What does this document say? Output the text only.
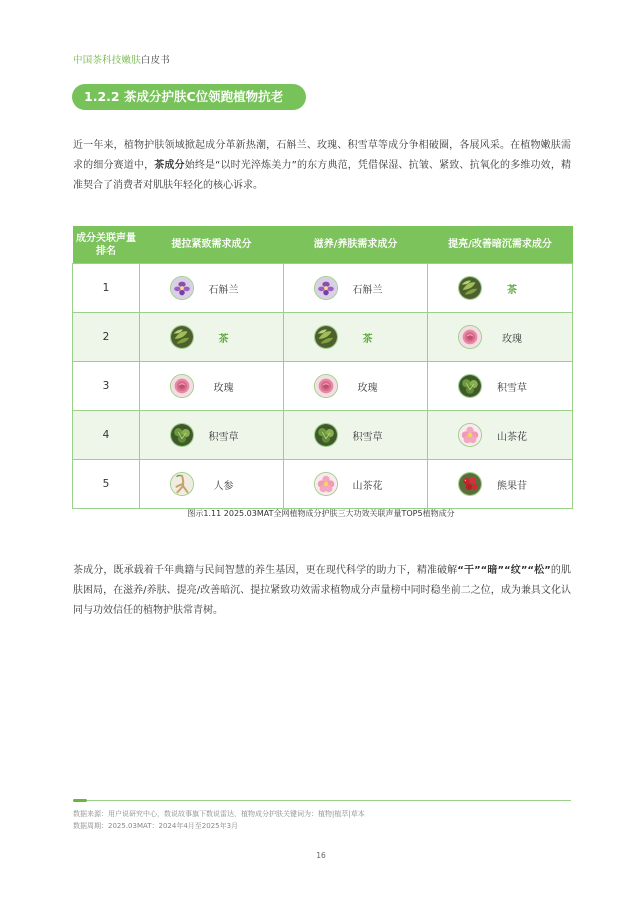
中国茶科技嫩肤白皮书
1.2.2 茶成分护肤C位领跑植物抗老

近一年来，植物护肤领域掀起成分革新热潮，石斛兰、玫瑰、积雪草等成分争相破圈，各展风采。在植物嫩肤需求的细分赛道中，茶成分始终是“以时光淬炼美力”的东方典范，凭借保湿、抗皱、紧致、抗氧化的多维功效，精准契合了消费者对肌肤年轻化的核心诉求。

成分关联声量排名	提拉紧致需求成分	滋养/养肤需求成分	提亮/改善暗沉需求成分
1	石斛兰	石斛兰	茶

2	茶	茶	玫瑰

3	玫瑰	玫瑰	积雪草

4	积雪草	积雪草	山茶花

5	人参	山茶花	熊果苷
图示1.11 2025.03MAT全网植物成分护肤三大功效关联声量TOP5植物成分

茶成分，既承载着千年典籍与民间智慧的养生基因，更在现代科学的助力下，精准破解“干”“暗”“纹”“松”的肌肤困局，在滋养/养肤、提亮/改善暗沉、提拉紧致功效需求植物成分声量榜中同时稳坐前二之位，成为兼具文化认同与功效信任的植物护肤常青树。

数据来源：用户说研究中心，数说故事旗下数说雷达，植物成分护肤关键词为：植物|植萃|草本
数据周期：2025.03MAT：2024年4月至2025年3月
16
